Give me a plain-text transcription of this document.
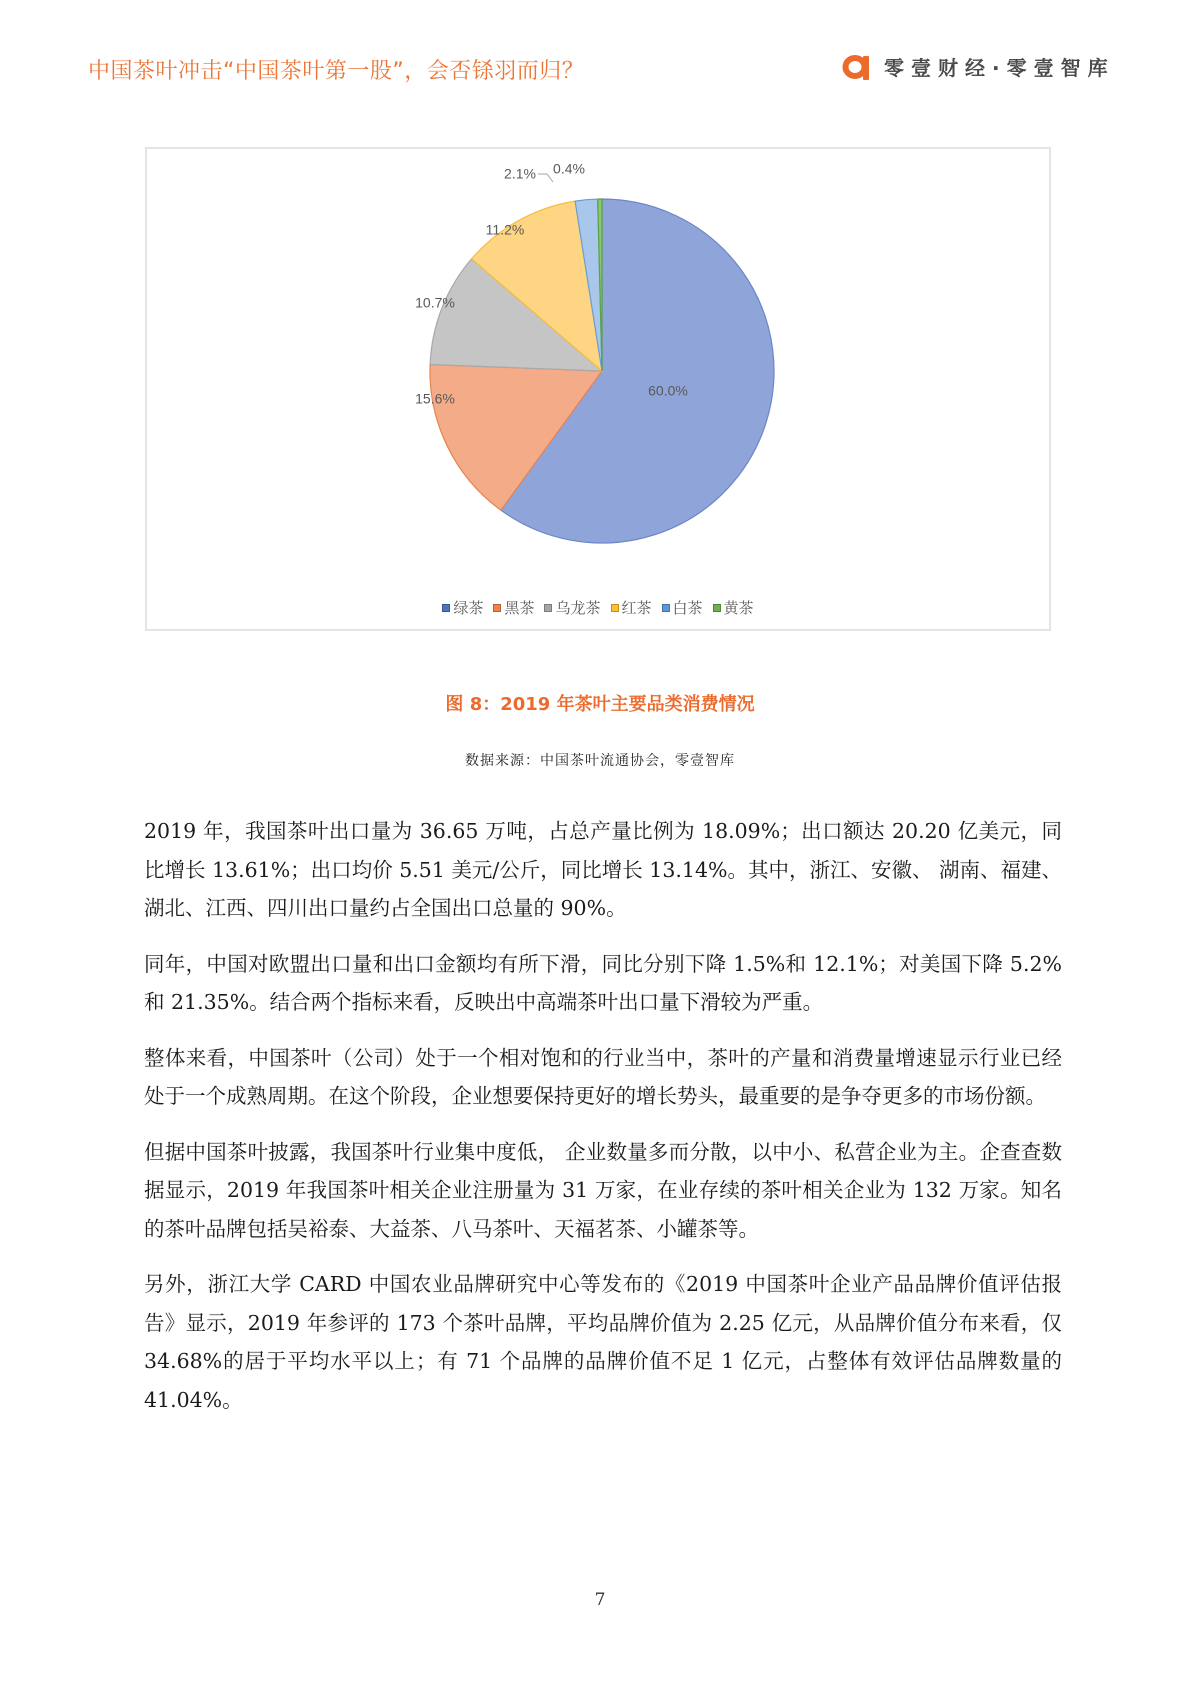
中国茶叶冲击“中国茶叶第一股”，会否铩羽而归？	零壹财经·零壹智库
60.0%
15.6%
10.7%
11.2%
2.1% 0.4%
绿茶 黑茶 乌龙茶 红茶 白茶 黄茶
图 8：2019 年茶叶主要品类消费情况
数据来源：中国茶叶流通协会，零壹智库

2019 年，我国茶叶出口量为 36.65 万吨，占总产量比例为 18.09%；出口额达 20.20 亿美元，同比增长 13.61%；出口均价 5.51 美元/公斤，同比增长 13.14%。其中，浙江、安徽、 湖南、福建、湖北、江西、四川出口量约占全国出口总量的 90%。

同年，中国对欧盟出口量和出口金额均有所下滑，同比分别下降 1.5%和 12.1%；对美国下降 5.2%和 21.35%。结合两个指标来看，反映出中高端茶叶出口量下滑较为严重。

整体来看，中国茶叶（公司）处于一个相对饱和的行业当中，茶叶的产量和消费量增速显示行业已经处于一个成熟周期。在这个阶段，企业想要保持更好的增长势头，最重要的是争夺更多的市场份额。

但据中国茶叶披露，我国茶叶行业集中度低， 企业数量多而分散，以中小、私营企业为主。企查查数据显示，2019 年我国茶叶相关企业注册量为 31 万家，在业存续的茶叶相关企业为 132 万家。知名的茶叶品牌包括吴裕泰、大益茶、八马茶叶、天福茗茶、小罐茶等。

另外，浙江大学 CARD 中国农业品牌研究中心等发布的《2019 中国茶叶企业产品品牌价值评估报告》显示，2019 年参评的 173 个茶叶品牌，平均品牌价值为 2.25 亿元，从品牌价值分布来看，仅 34.68%的居于平均水平以上；有 71 个品牌的品牌价值不足 1 亿元，占整体有效评估品牌数量的 41.04%。

7
